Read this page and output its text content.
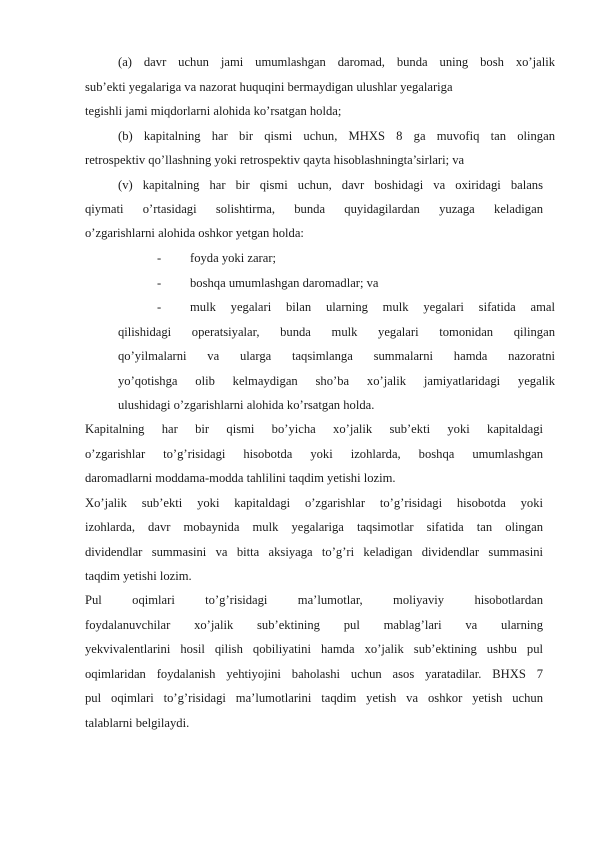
(a) davr uchun jami umumlashgan daromad, bunda uning bosh xo’jalik
sub’ekti yegalariga va nazorat huquqini bermaydigan ulushlar yegalariga
tegishli jami miqdorlarni alohida ko’rsatgan holda;
(b) kapitalning har bir qismi uchun, MHXS 8 ga muvofiq tan olingan
retrospektiv qo’llashning yoki retrospektiv qayta hisoblashningta’sirlari; va
(v) kapitalning har bir qismi uchun, davr boshidagi va oxiridagi balans
qiymati o’rtasidagi solishtirma, bunda quyidagilardan yuzaga keladigan
o’zgarishlarni alohida oshkor yetgan holda:
- foyda yoki zarar;
- boshqa umumlashgan daromadlar; va
- mulk yegalari bilan ularning mulk yegalari sifatida amal
qilishidagi operatsiyalar, bunda mulk yegalari tomonidan qilingan
qo’yilmalarni va ularga taqsimlanga summalarni hamda nazoratni
yo’qotishga olib kelmaydigan sho’ba xo’jalik jamiyatlaridagi yegalik
ulushidagi o’zgarishlarni alohida ko’rsatgan holda.
Kapitalning har bir qismi bo’yicha xo’jalik sub’ekti yoki kapitaldagi
o’zgarishlar to’g’risidagi hisobotda yoki izohlarda, boshqa umumlashgan
daromadlarni moddama-modda tahlilini taqdim yetishi lozim.
Xo’jalik sub’ekti yoki kapitaldagi o’zgarishlar to’g’risidagi hisobotda yoki
izohlarda, davr mobaynida mulk yegalariga taqsimotlar sifatida tan olingan
dividendlar summasini va bitta aksiyaga to’g’ri keladigan dividendlar summasini
taqdim yetishi lozim.
Pul oqimlari to’g’risidagi ma’lumotlar, moliyaviy hisobotlardan
foydalanuvchilar xo’jalik sub’ektining pul mablag’lari va ularning
yekvivalentlarini hosil qilish qobiliyatini hamda xo’jalik sub’ektining ushbu pul
oqimlaridan foydalanish yehtiyojini baholashi uchun asos yaratadilar. BHXS 7
pul oqimlari to’g’risidagi ma’lumotlarini taqdim yetish va oshkor yetish uchun
talablarni belgilaydi.
